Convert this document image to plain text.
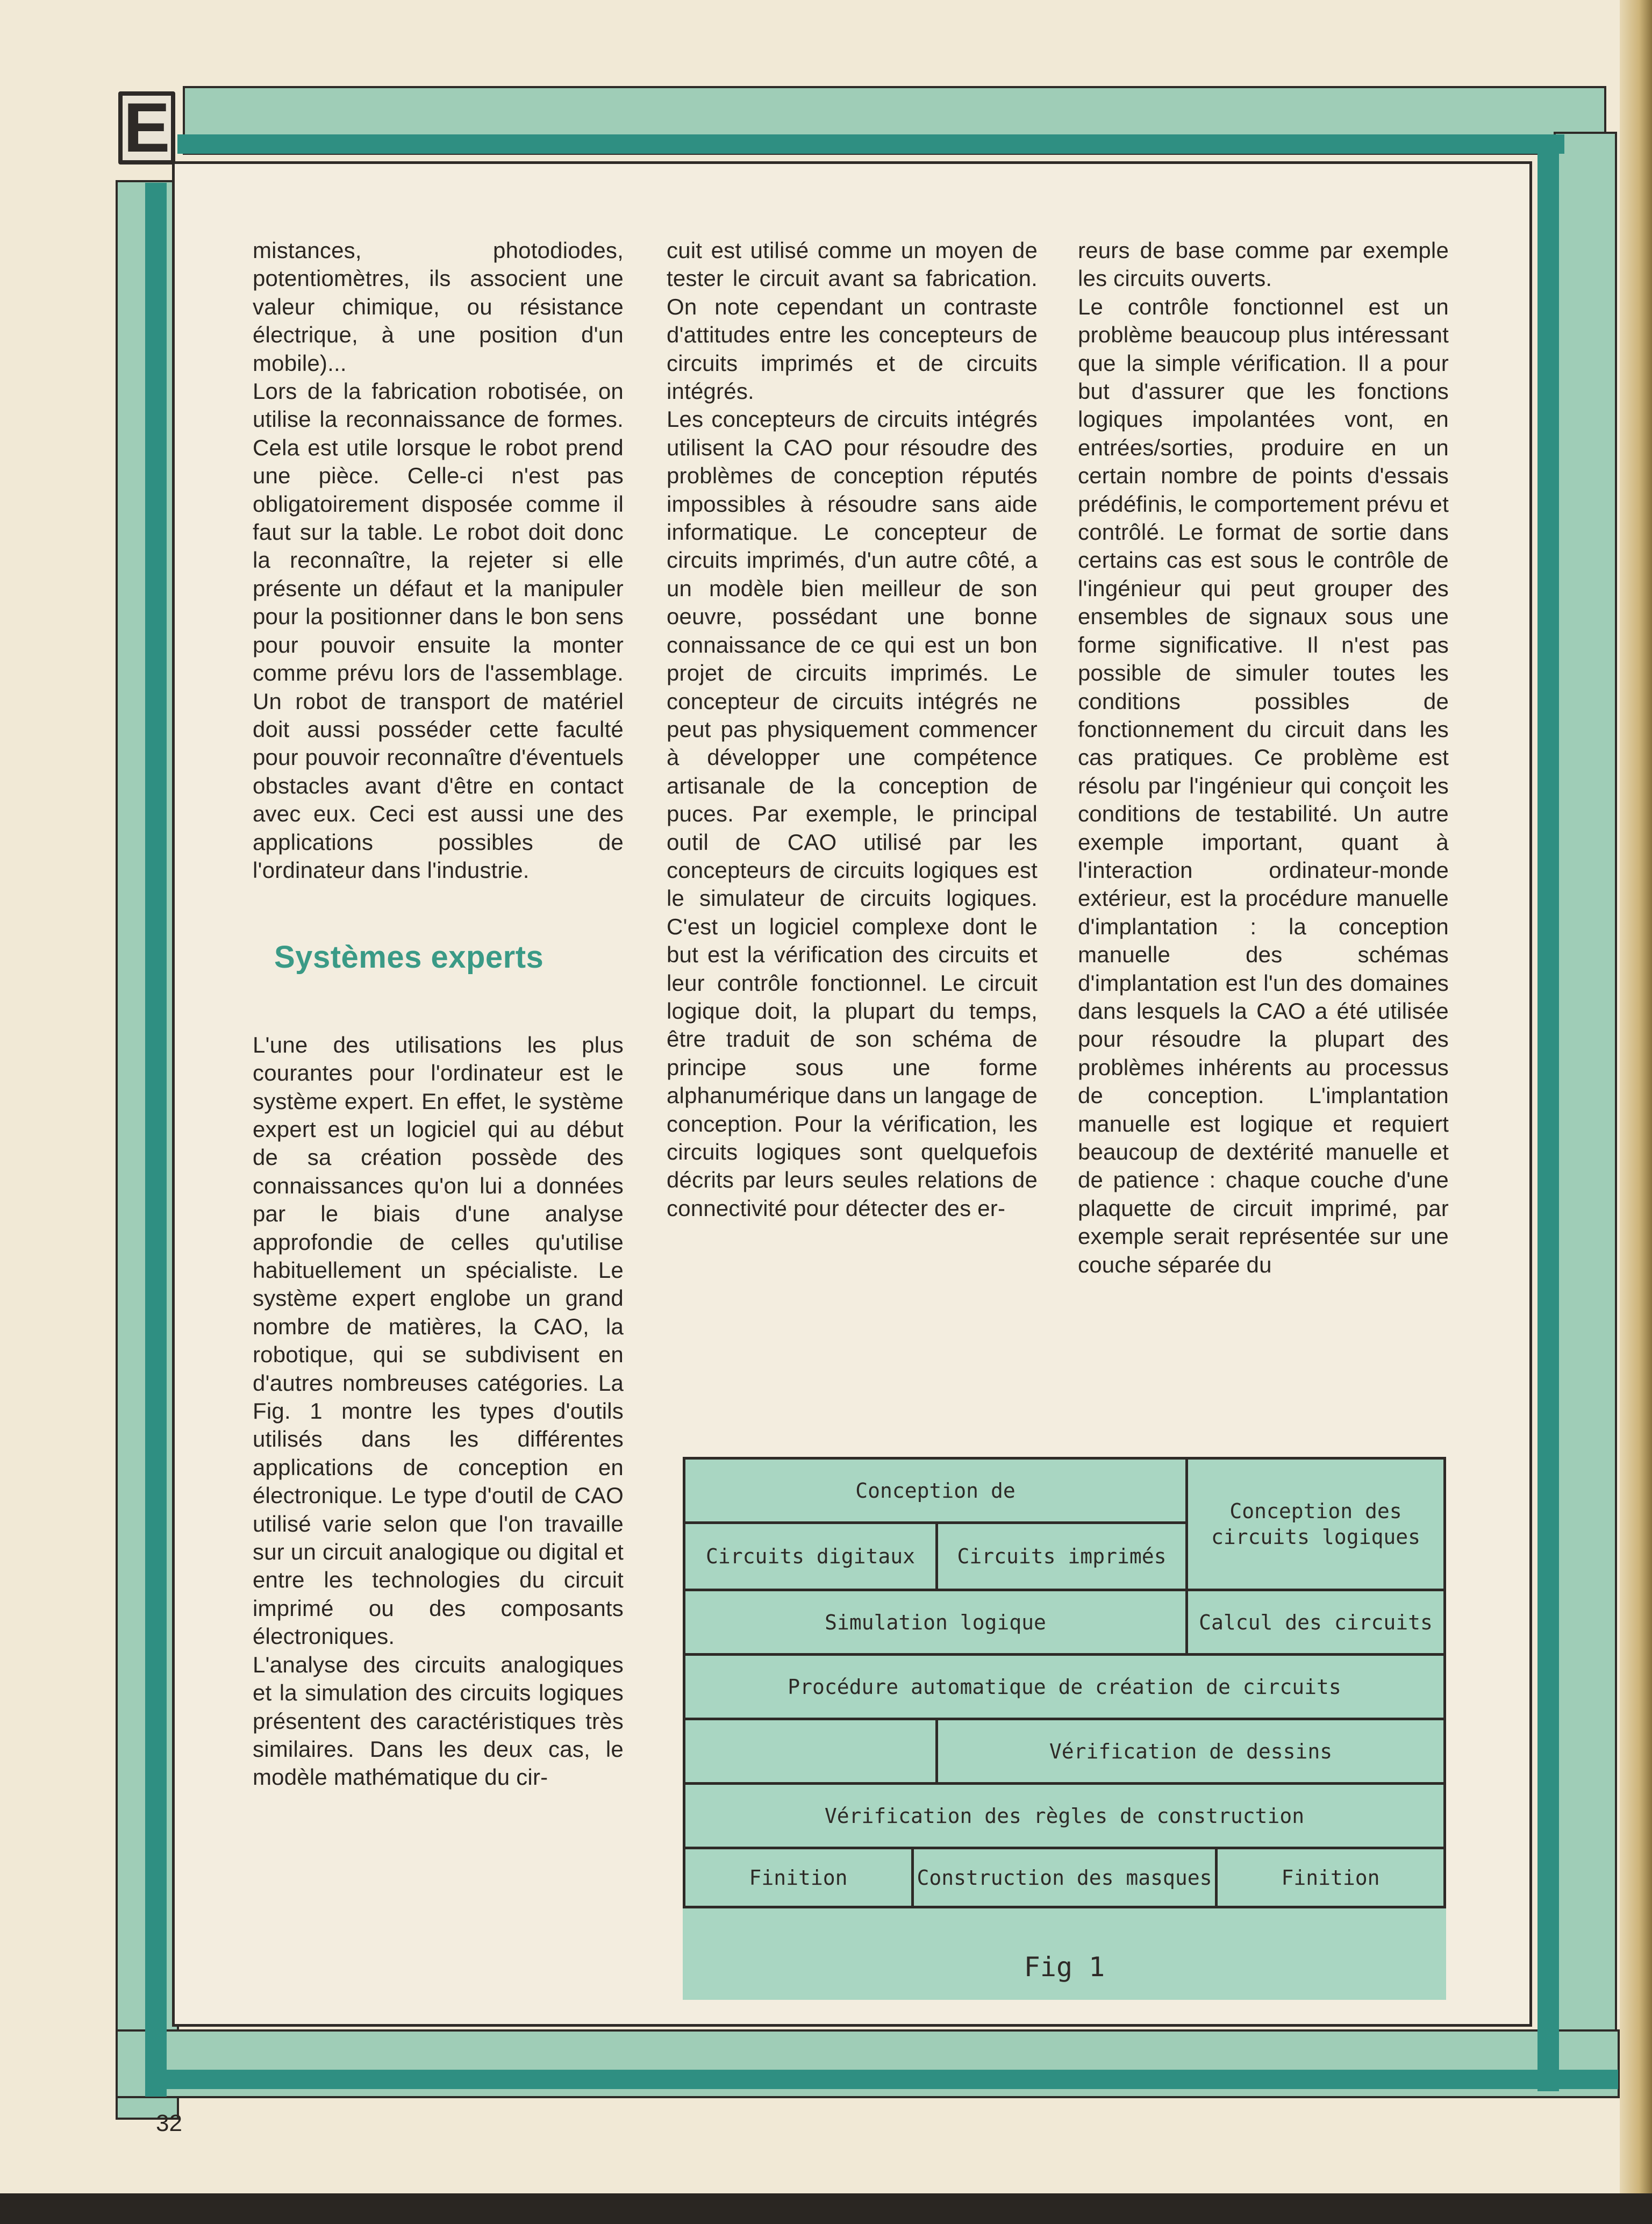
E

mistances, photodiodes, potentiomètres, ils associent une valeur chimique, ou résistance électrique, à une position d'un mobile)...

Lors de la fabrication robotisée, on utilise la reconnaissance de formes. Cela est utile lorsque le robot prend une pièce. Celle-ci n'est pas obligatoirement disposée comme il faut sur la table. Le robot doit donc la reconnaître, la rejeter si elle présente un défaut et la manipuler pour la positionner dans le bon sens pour pouvoir ensuite la monter comme prévu lors de l'assemblage. Un robot de transport de matériel doit aussi posséder cette faculté pour pouvoir reconnaître d'éventuels obstacles avant d'être en contact avec eux. Ceci est aussi une des applications possibles de l'ordinateur dans l'industrie.

Systèmes experts

L'une des utilisations les plus courantes pour l'ordinateur est le système expert. En effet, le système expert est un logiciel qui au début de sa création possède des connaissances qu'on lui a données par le biais d'une analyse approfondie de celles qu'utilise habituellement un spécialiste. Le système expert englobe un grand nombre de matières, la CAO, la robotique, qui se subdivisent en d'autres nombreuses catégories. La Fig. 1 montre les types d'outils utilisés dans les différentes applications de conception en électronique. Le type d'outil de CAO utilisé varie selon que l'on travaille sur un circuit analogique ou digital et entre les technologies du circuit imprimé ou des composants électroniques.

L'analyse des circuits analogiques et la simulation des circuits logiques présentent des caractéristiques très similaires. Dans les deux cas, le modèle mathématique du cir-

cuit est utilisé comme un moyen de tester le circuit avant sa fabrication. On note cependant un contraste d'attitudes entre les concepteurs de circuits imprimés et de circuits intégrés.

Les concepteurs de circuits intégrés utilisent la CAO pour résoudre des problèmes de conception réputés impossibles à résoudre sans aide informatique. Le concepteur de circuits imprimés, d'un autre côté, a un modèle bien meilleur de son oeuvre, possédant une bonne connaissance de ce qui est un bon projet de circuits imprimés. Le concepteur de circuits intégrés ne peut pas physiquement commencer à développer une compétence artisanale de la conception de puces. Par exemple, le principal outil de CAO utilisé par les concepteurs de circuits logiques est le simulateur de circuits logiques. C'est un logiciel complexe dont le but est la vérification des circuits et leur contrôle fonctionnel. Le circuit logique doit, la plupart du temps, être traduit de son schéma de principe sous une forme alphanumérique dans un langage de conception. Pour la vérification, les circuits logiques sont quelquefois décrits par leurs seules relations de connectivité pour détecter des er-

reurs de base comme par exemple les circuits ouverts.

Le contrôle fonctionnel est un problème beaucoup plus intéressant que la simple vérification. Il a pour but d'assurer que les fonctions logiques impolantées vont, en entrées/sorties, produire en un certain nombre de points d'essais prédéfinis, le comportement prévu et contrôlé. Le format de sortie dans certains cas est sous le contrôle de l'ingénieur qui peut grouper des ensembles de signaux sous une forme significative. Il n'est pas possible de simuler toutes les conditions possibles de fonctionnement du circuit dans les cas pratiques. Ce problème est résolu par l'ingénieur qui conçoit les conditions de testabilité. Un autre exemple important, quant à l'interaction ordinateur-monde extérieur, est la procédure manuelle d'implantation : la conception manuelle des schémas d'implantation est l'un des domaines dans lesquels la CAO a été utilisée pour résoudre la plupart des problèmes inhérents au processus de conception. L'implantation manuelle est logique et requiert beaucoup de dextérité manuelle et de patience : chaque couche d'une plaquette de circuit imprimé, par exemple serait représentée sur une couche séparée du

Conception de
Conception des circuits logiques
Circuits digitaux	Circuits imprimés
Simulation logique	Calcul des circuits
Procédure automatique de création de circuits
Vérification de dessins
Vérification des règles de construction
Finition	Construction des masques	Finition
Fig 1
32
